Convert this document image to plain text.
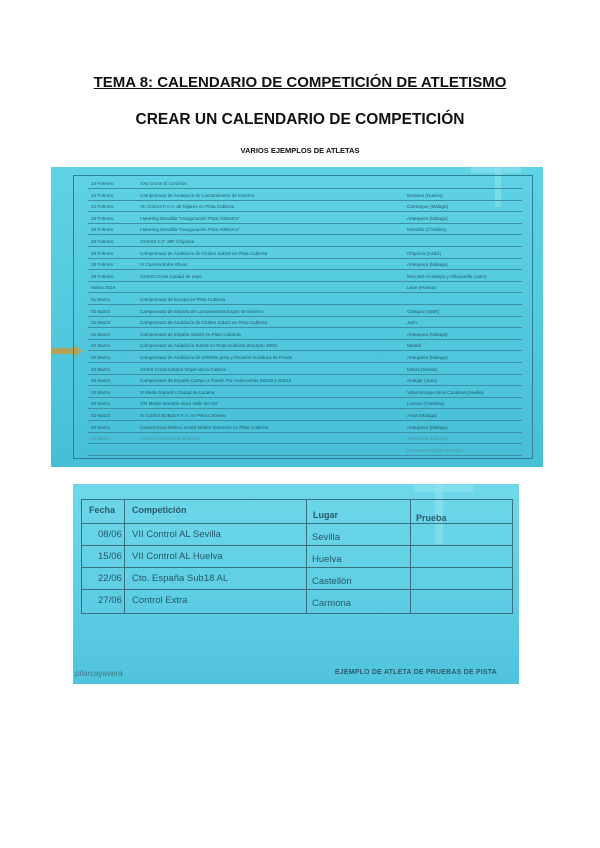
TEMA 8: CALENDARIO DE COMPETICIÓN DE ATLETISMO
CREAR UN CALENDARIO DE COMPETICIÓN
VARIOS EJEMPLOS DE ATLETAS
24 Febrero	XXII Cross El Conchón
24 Febrero	Campeonato de Andalucía de Lanzamientos de Invierno	Bonares (Huelva)
24 Febrero	VII Control F.A.A. de Mijares en Pista Cubierta	Carranque (Málaga)
28 Febrero	I Meeting Mondilla "Inauguración Pista Atletismo"	Antequera (Málaga)
28 Febrero	I Meeting Mondilla "Inauguración Pista Atletismo"	Mondilla (Córdoba)
28 Febrero	XXXVIII C.P. 28F Chipiona
28 Febrero	Campeonato de Andalucía de Clubes Sub16 en Pista Cubierta	Chipiona (Cádiz)
28 Febrero	IV Carrera Entre Olivos	Antequera (Málaga)
28 Febrero	XXXVII Cross Ciudad de Lepe	Ntra Del Arcobispo y Villacarrillo (Jaén)
Marzo 2019	Lepe (Huelva)
01 Marzo	Campeonato de Europa en Pista Cubierta
02 Marzo	Campeonato de España de Lanzamientos largos de Invierno	Glasgow (GBR)
02 Marzo	Campeonato de Andalucía de Clubes Sub23 en Pista Cubierta	Jaén
02 Marzo	Campeonato de España Sub20 en Pista Cubierta	Antequera (Málaga)
02 Marzo	Campeonato de Andalucía Sub18 en Pista Cubierta (Excepto 3000)	Madrid
02 Marzo	Campeonato de Andalucía de 10000m pista y Reunión Andaluza de Fondo	Antequera (Málaga)
03 Marzo	XXXVI Cross Urbano Virgen de la Cabeza	Utrera (Sevilla)
03 Marzo	Campeonato de España Campo a Través Por Autonomías Sub18 y Sub16	Andújar (Jaén)
03 Marzo	III Media Maratón Ciudad de Lucena	Villamanrique de la Condesa (Sevilla)
03 Marzo	XXI Medio Maratón Alora Valle del Sol	Lucena (Córdoba)
03 Marzo	III Control SUB16 F.A.A. en Pista Cubierta	Alora (Málaga)
03 Marzo	Control Extra Relevo 4x400 Máster femenino en Pista Cubierta	Antequera (Málaga)
04 Marzo	Control Jornamiento Granada	Antequera (Málaga)
ESTADIO NÚÑEZ BLANCA
Fecha Competición	Lugar	Prueba
08/06 VII Control AL Sevilla	Sevilla
15/06 VII Control AL Huelva	Huelva
22/06 Cto. España Sub18 AL	Castellón
27/06 Control Extra	Carmona
pilarcayavera	EJEMPLO DE ATLETA DE PRUEBAS DE PISTA
